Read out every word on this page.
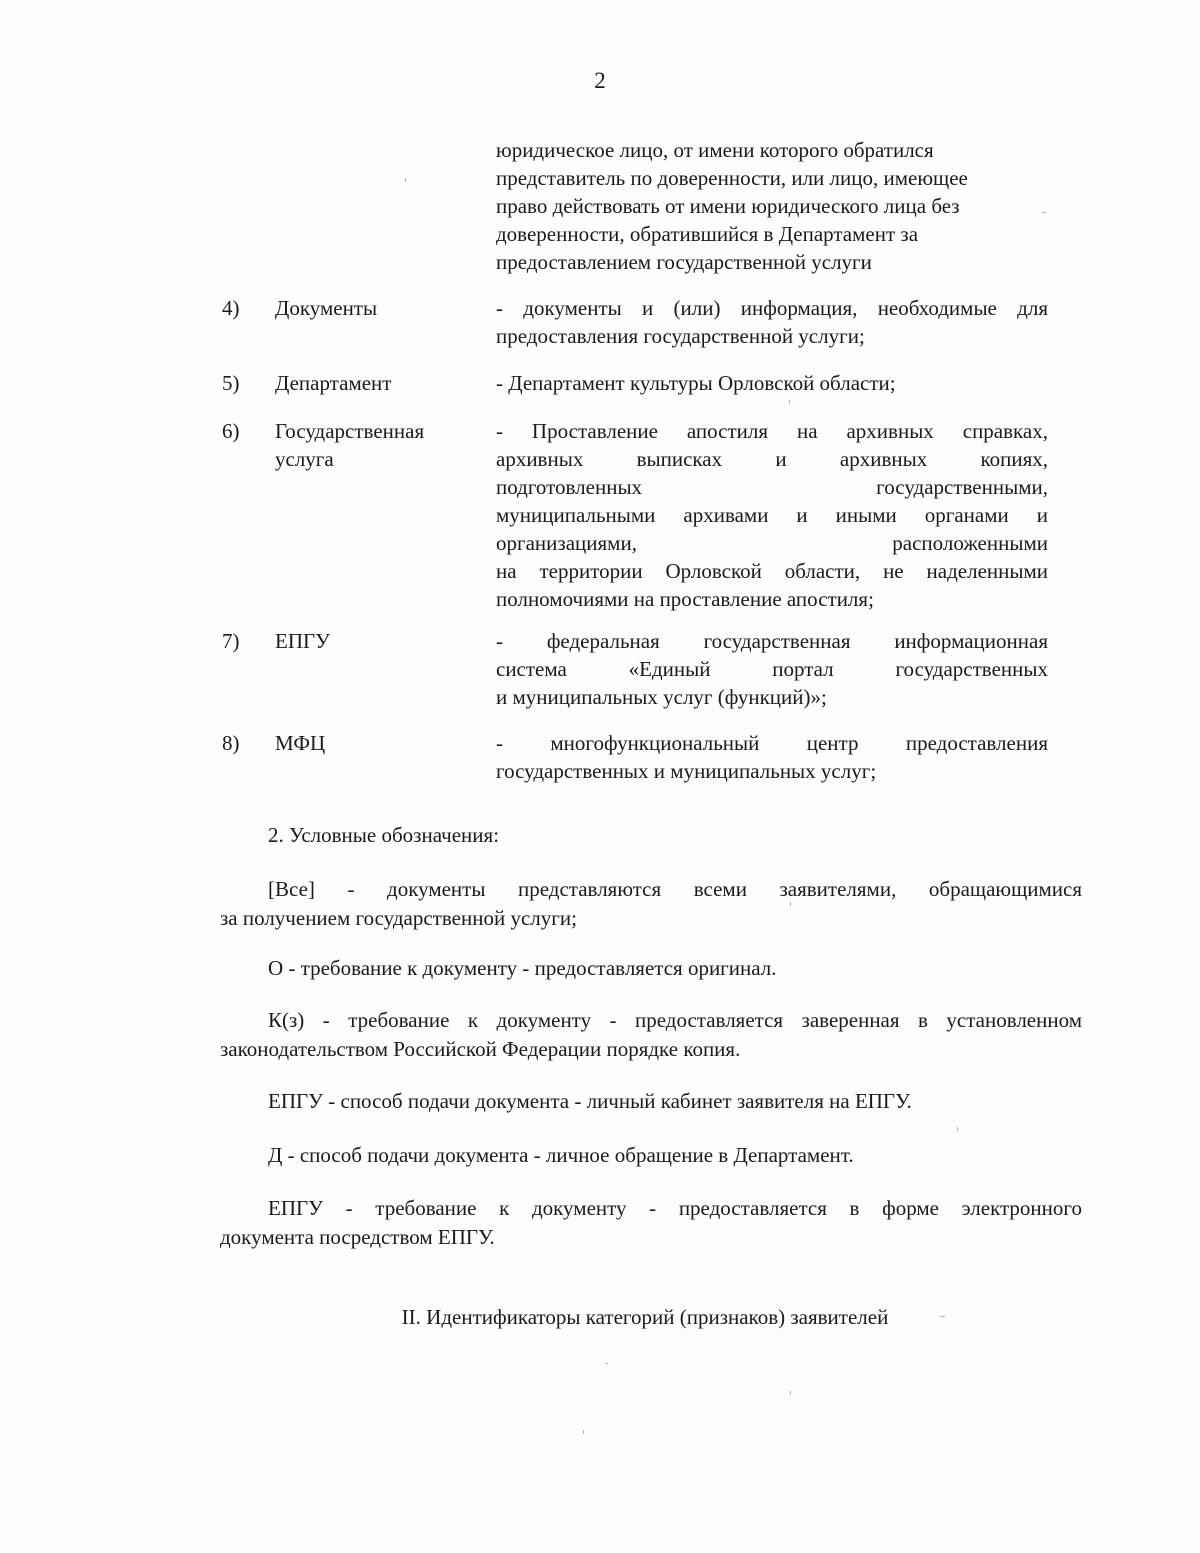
2
юридическое лицо, от имени которого обратился
представитель по доверенности, или лицо, имеющее
право действовать от имени юридического лица без
доверенности, обратившийся в Департамент за
предоставлением государственной услуги
4) Документы	- документы и (или) информация, необходимые для
предоставления государственной услуги;
5) Департамент	- Департамент культуры Орловской области;
6) Государственная услуга
- Проставление апостиля на архивных справках,
архивных выписках и архивных копиях,
подготовленных государственными,
муниципальными архивами и иными органами и
организациями, расположенными
на территории Орловской области, не наделенными
полномочиями на проставление апостиля;
7) ЕПГУ	- федеральная государственная информационная
система «Единый портал государственных
и муниципальных услуг (функций)»;
8) МФЦ	- многофункциональный центр предоставления
государственных и муниципальных услуг;
2. Условные обозначения:
[Все] - документы представляются всеми заявителями, обращающимися
за получением государственной услуги;
О - требование к документу - предоставляется оригинал.
К(з) - требование к документу - предоставляется заверенная в установленном
законодательством Российской Федерации порядке копия.
ЕПГУ - способ подачи документа - личный кабинет заявителя на ЕПГУ.
Д - способ подачи документа - личное обращение в Департамент.
ЕПГУ - требование к документу - предоставляется в форме электронного
документа посредством ЕПГУ.
II. Идентификаторы категорий (признаков) заявителей
